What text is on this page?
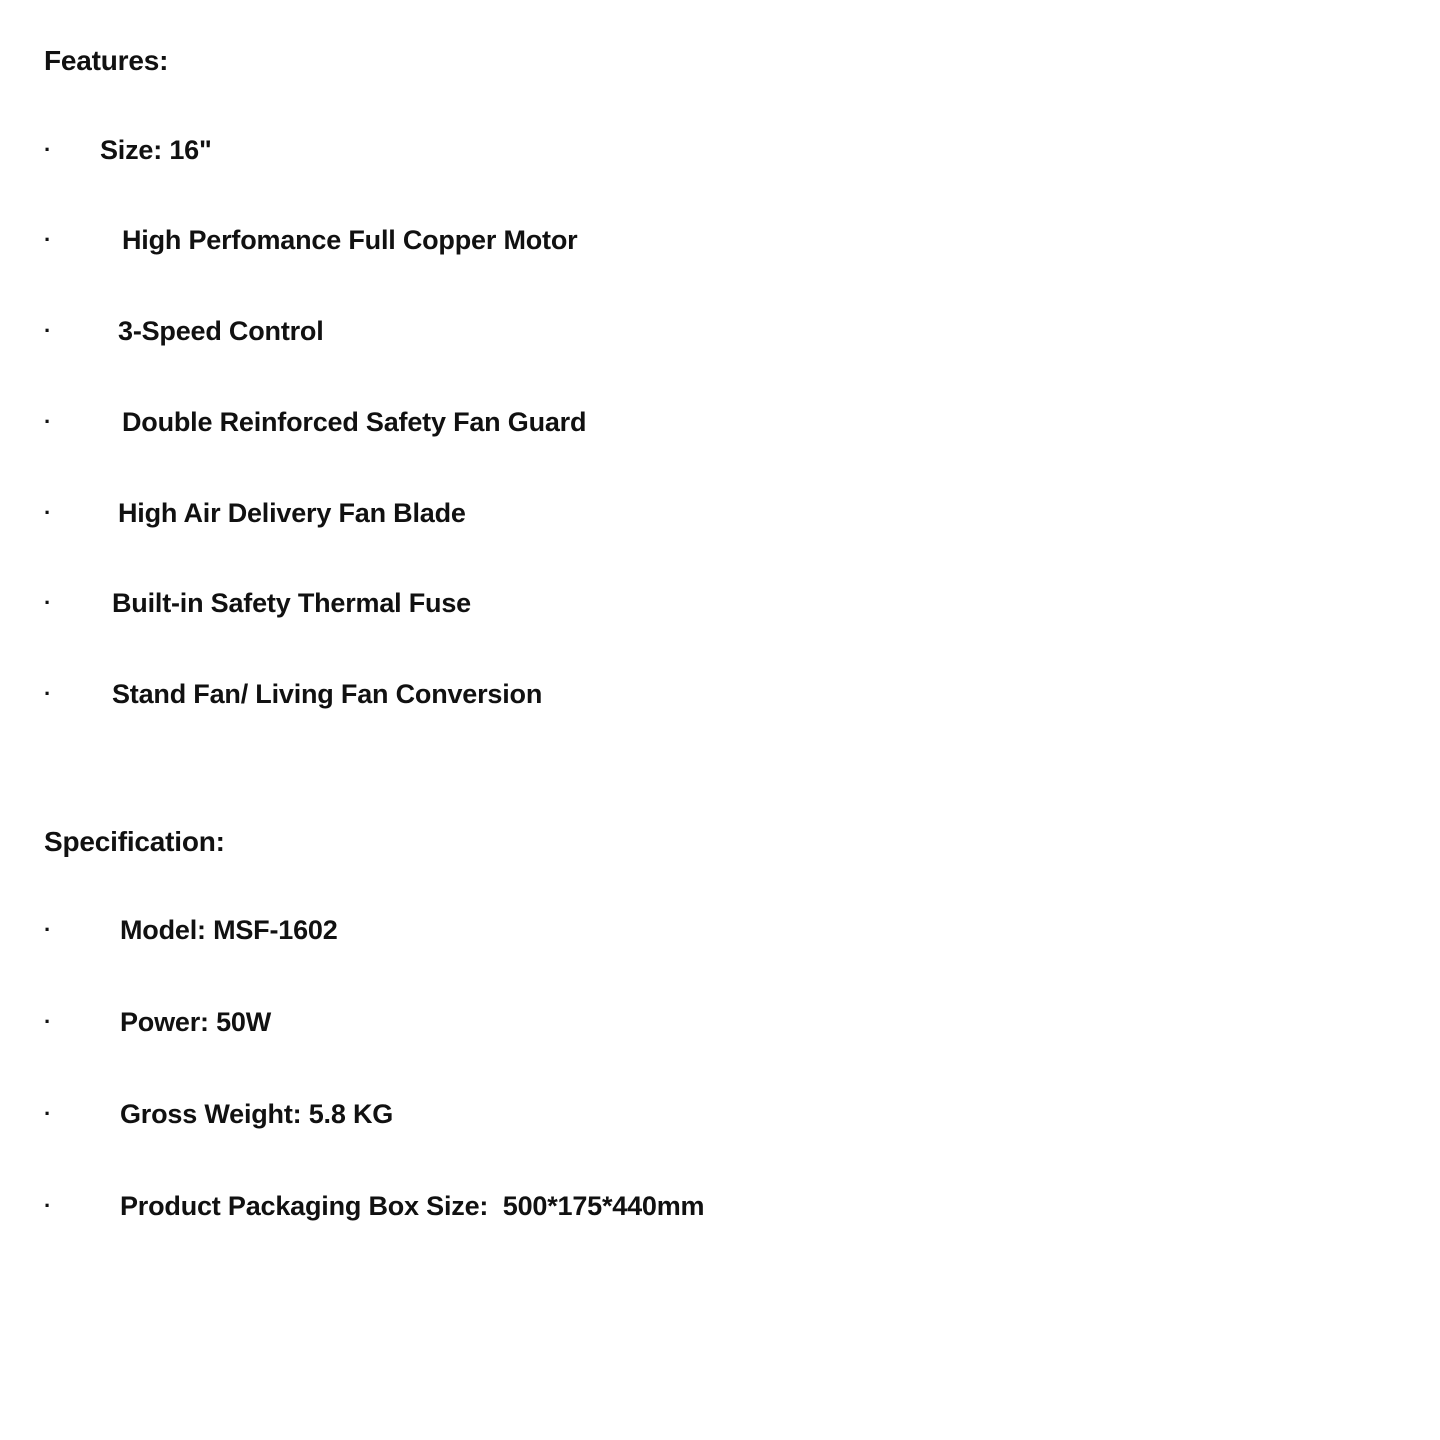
Features:
· Size: 16"
·	High Perfomance Full Copper Motor
· 3-Speed Control
·	Double Reinforced Safety Fan Guard
· High Air Delivery Fan Blade
· Built-in Safety Thermal Fuse
· Stand Fan/ Living Fan Conversion
Specification:
·	Model: MSF-1602
·	Power: 50W
·	Gross Weight: 5.8 KG
·	Product Packaging Box Size:  500*175*440mm
